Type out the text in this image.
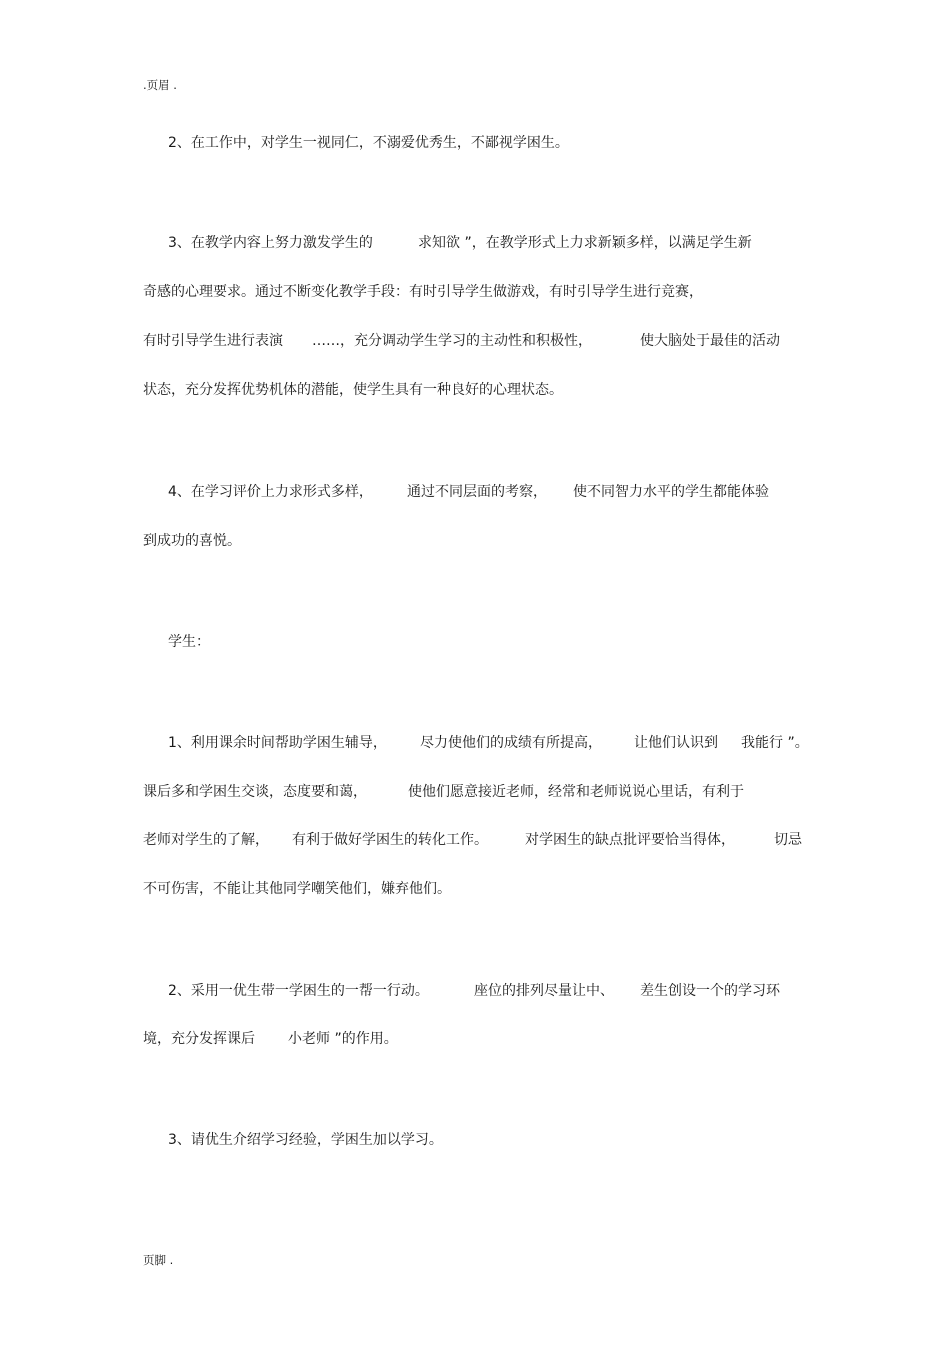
.页眉 .
2、在工作中，对学生一视同仁，不溺爱优秀生，不鄙视学困生。
3、在教学内容上努力激发学生的	求知欲 ”，在教学形式上力求新颖多样，以满足学生新
奇感的心理要求。通过不断变化教学手段：有时引导学生做游戏，有时引导学生进行竞赛，
有时引导学生进行表演 ……，充分调动学生学习的主动性和积极性，	使大脑处于最佳的活动
状态，充分发挥优势机体的潜能，使学生具有一种良好的心理状态。
4、在学习评价上力求形式多样， 通过不同层面的考察， 使不同智力水平的学生都能体验
到成功的喜悦。
学生：
1、利用课余时间帮助学困生辅导， 尽力使他们的成绩有所提高， 让他们认识到 我能行 ”。
课后多和学困生交谈，态度要和蔼，	使他们愿意接近老师，经常和老师说说心里话，有利于
老师对学生的了解， 有利于做好学困生的转化工作。	对学困生的缺点批评要恰当得体，	切忌
不可伤害，不能让其他同学嘲笑他们，嫌弃他们。
2、采用一优生带一学困生的一帮一行动。	座位的排列尽量让中、 差生创设一个的学习环
境，充分发挥课后 小老师 ”的作用。
3、请优生介绍学习经验，学困生加以学习。
页脚 .
